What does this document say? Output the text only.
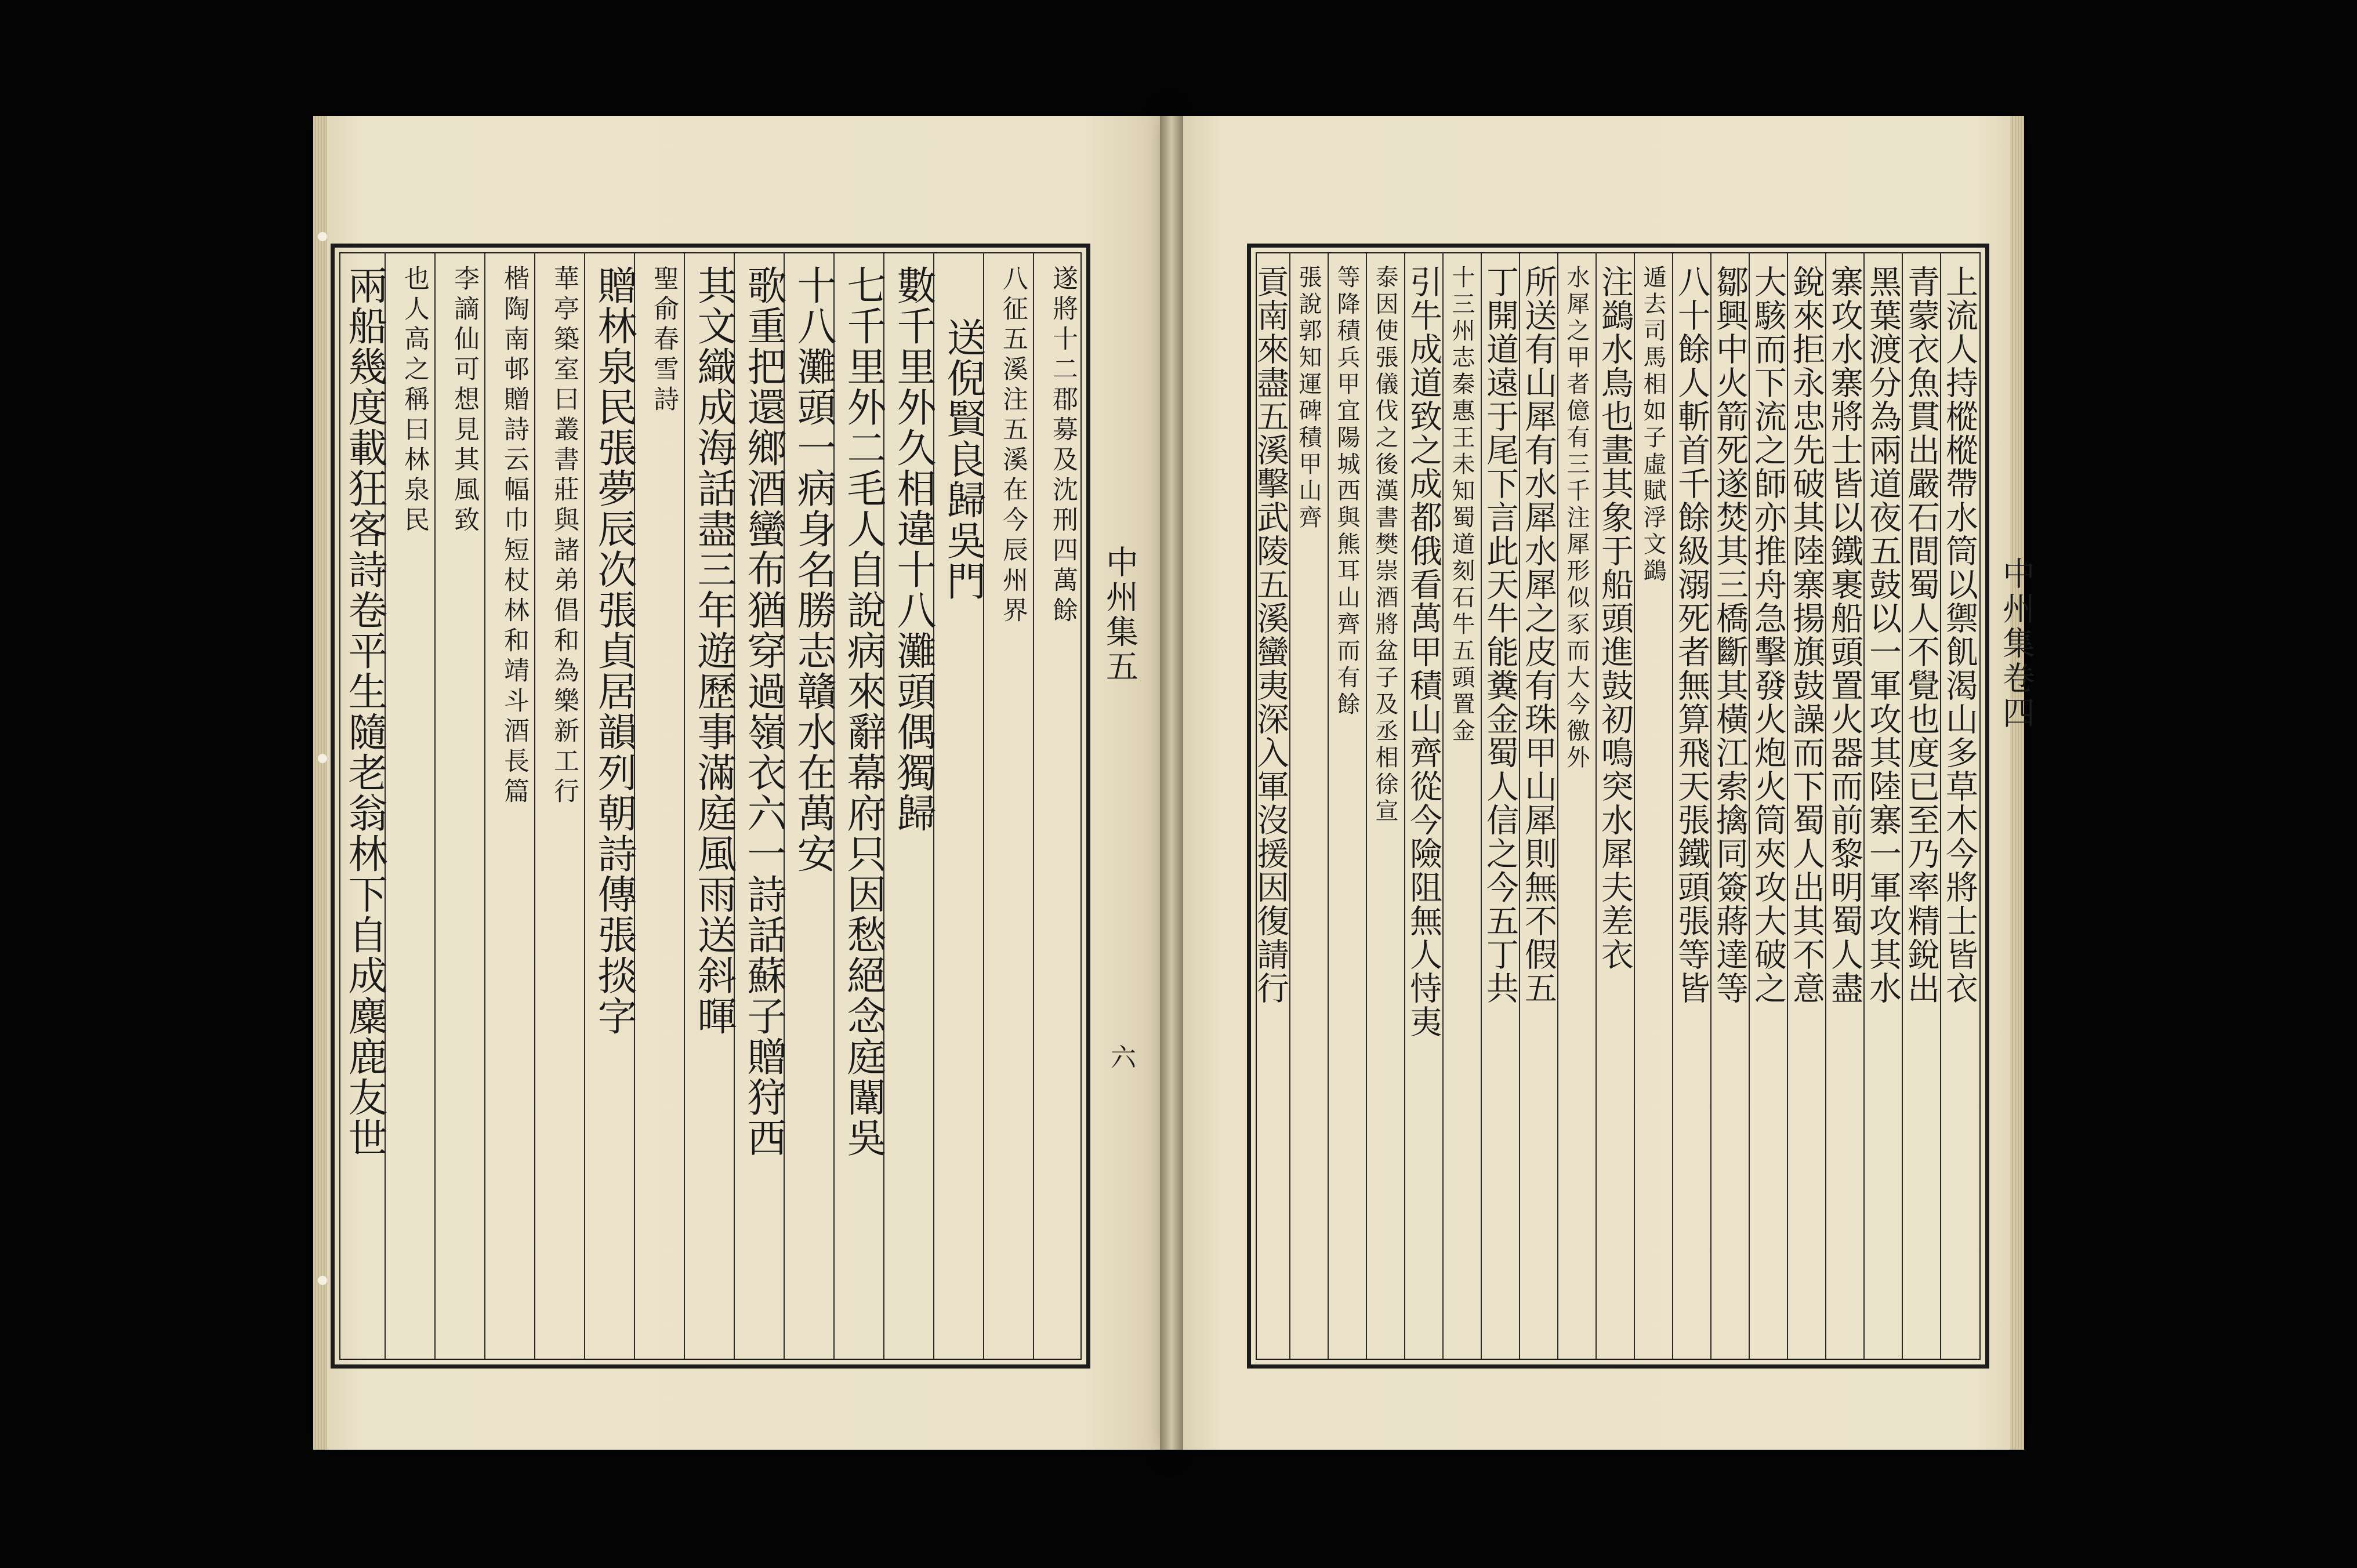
兩船幾度載狂客詩卷平生隨老翁林下自成麋鹿友世 也人高之稱曰林泉民 李謫仙可想見其風致 楷陶南邨贈詩云幅巾短杖林和靖斗酒長篇 華亭築室曰叢書莊與諸弟倡和為樂新工行 贈林泉民張夢辰次張貞居韻列朝詩傳張掞字 聖俞春雪詩 其文織成海話盡三年遊歷事滿庭風雨送斜暉 歌重把還鄉酒蠻布猶穿過嶺衣六一詩話蘇子贈狩西 十八灘頭一病身名勝志贛水在萬安 七千里外二毛人自說病來辭幕府只因愁絕念庭闈吳 數千里外久相違十八灘頭偶獨歸 送倪賢良歸吳門 八征五溪注五溪在今辰州界 遂將十二郡募及沈刑四萬餘 中州集五
六
貢南來盡五溪擊武陵五溪蠻夷深入軍沒援因復請行 張說郭知運碑積甲山齊 等降積兵甲宜陽城西與熊耳山齊而有餘 泰因使張儀伐之後漢書樊崇酒將盆子及丞相徐宣 引牛成道致之成都俄看萬甲積山齊從今險阻無人恃夷 十三州志秦惠王未知蜀道刻石牛五頭置金 丁開道遠于尾下言此天牛能糞金蜀人信之今五丁共 所送有山犀有水犀水犀之皮有珠甲山犀則無不假五 水犀之甲者億有三千注犀形似豕而大今徼外 注鷁水鳥也畫其象于船頭進鼓初鳴突水犀夫差衣 遁去司馬相如子虛賦浮文鷁 八十餘人斬首千餘級溺死者無算飛天張鐵頭張等皆 鄒興中火箭死遂焚其三橋斷其橫江索擒同簽蔣達等 大駭而下流之師亦推舟急擊發火炮火筒夾攻大破之 銳來拒永忠先破其陸寨揚旗鼓譟而下蜀人出其不意 寨攻水寨將士皆以鐵裹船頭置火器而前黎明蜀人盡 黑葉渡分為兩道夜五鼓以一軍攻其陸寨一軍攻其水 青蒙衣魚貫出嚴石間蜀人不覺也度已至乃率精銳出 上流人持樅樅帶水筒以禦飢渴山多草木今將士皆衣 中州集卷四
